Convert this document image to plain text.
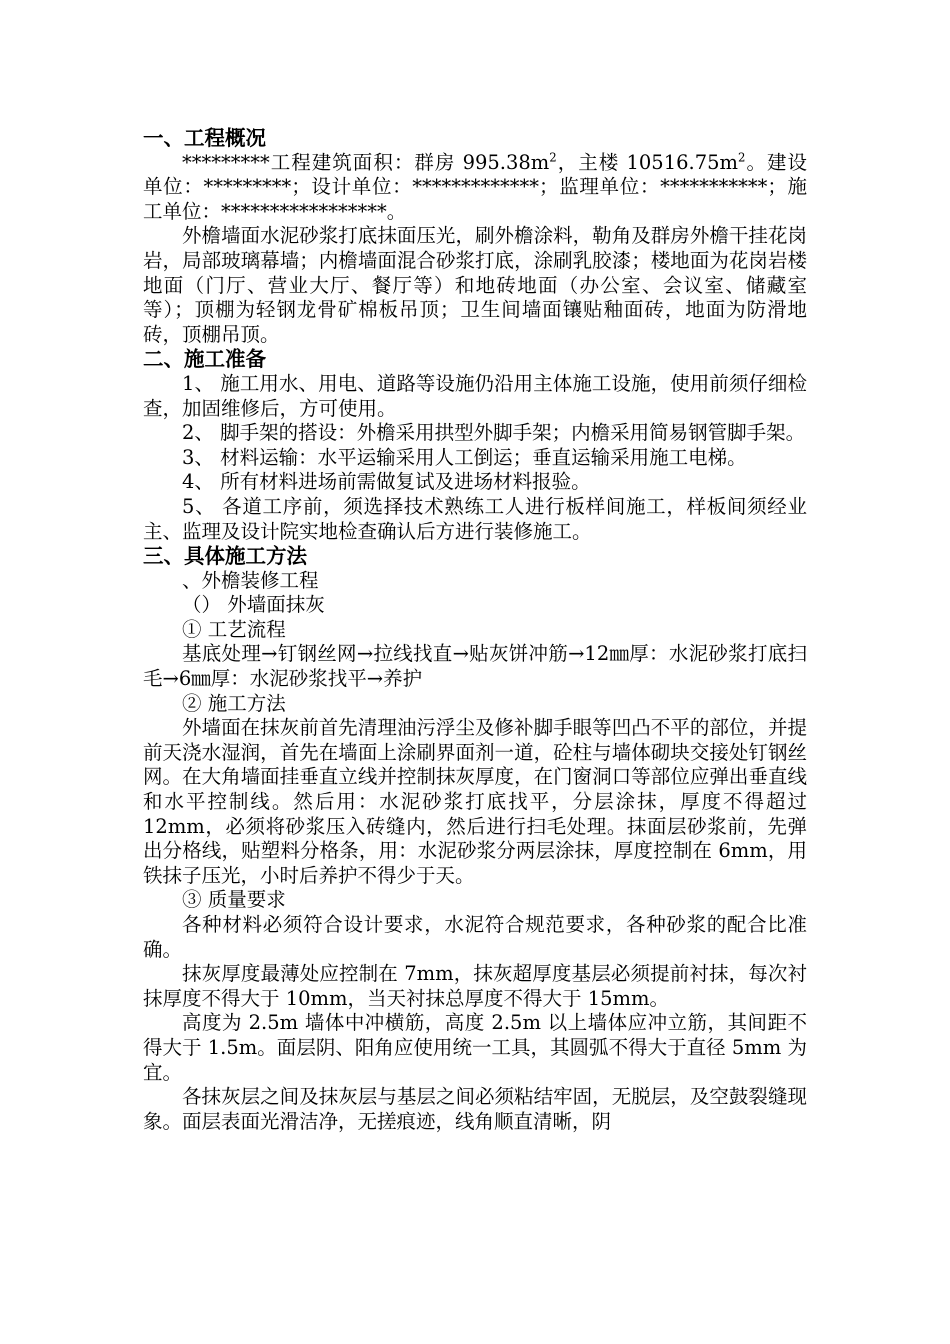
一、工程概况

*********工程建筑面积：群房 $995.38m^2$，主楼 $10516.75m^2$。建设单位：*********；设计单位：*************；监理单位：***********；施工单位：*****************。

外檐墙面水泥砂浆打底抹面压光，刷外檐涂料，勒角及群房外檐干挂花岗岩，局部玻璃幕墙；内檐墙面混合砂浆打底，涂刷乳胶漆；楼地面为花岗岩楼地面（门厅、营业大厅、餐厅等）和地砖地面（办公室、会议室、储藏室等）；顶棚为轻钢龙骨矿棉板吊顶；卫生间墙面镶贴釉面砖，地面为防滑地砖，顶棚吊顶。

二、施工准备

1、 施工用水、用电、道路等设施仍沿用主体施工设施，使用前须仔细检查，加固维修后，方可使用。

2、 脚手架的搭设：外檐采用拱型外脚手架；内檐采用简易钢管脚手架。

3、 材料运输：水平运输采用人工倒运；垂直运输采用施工电梯。

4、 所有材料进场前需做复试及进场材料报验。

5、 各道工序前，须选择技术熟练工人进行板样间施工，样板间须经业主、监理及设计院实地检查确认后方进行装修施工。

三、具体施工方法

、外檐装修工程

（） 外墙面抹灰

① 工艺流程

基底处理→钉钢丝网→拉线找直→贴灰饼冲筋→12㎜厚：水泥砂浆打底扫毛→6㎜厚：水泥砂浆找平→养护

② 施工方法

外墙面在抹灰前首先清理油污浮尘及修补脚手眼等凹凸不平的部位，并提前天浇水湿润，首先在墙面上涂刷界面剂一道，砼柱与墙体砌块交接处钉钢丝网。在大角墙面挂垂直立线并控制抹灰厚度，在门窗洞口等部位应弹出垂直线和水平控制线。然后用：水泥砂浆打底找平，分层涂抹，厚度不得超过 12mm，必须将砂浆压入砖缝内，然后进行扫毛处理。抹面层砂浆前，先弹出分格线，贴塑料分格条，用：水泥砂浆分两层涂抹，厚度控制在 6mm，用铁抹子压光，小时后养护不得少于天。

③ 质量要求

各种材料必须符合设计要求，水泥符合规范要求，各种砂浆的配合比准确。

抹灰厚度最薄处应控制在 7mm，抹灰超厚度基层必须提前衬抹，每次衬抹厚度不得大于 10mm，当天衬抹总厚度不得大于 15mm。

高度为 2.5m 墙体中冲横筋，高度 2.5m 以上墙体应冲立筋，其间距不得大于 1.5m。面层阴、阳角应使用统一工具，其圆弧不得大于直径 5mm 为宜。

各抹灰层之间及抹灰层与基层之间必须粘结牢固，无脱层，及空鼓裂缝现象。面层表面光滑洁净，无搓痕迹，线角顺直清晰，阴
